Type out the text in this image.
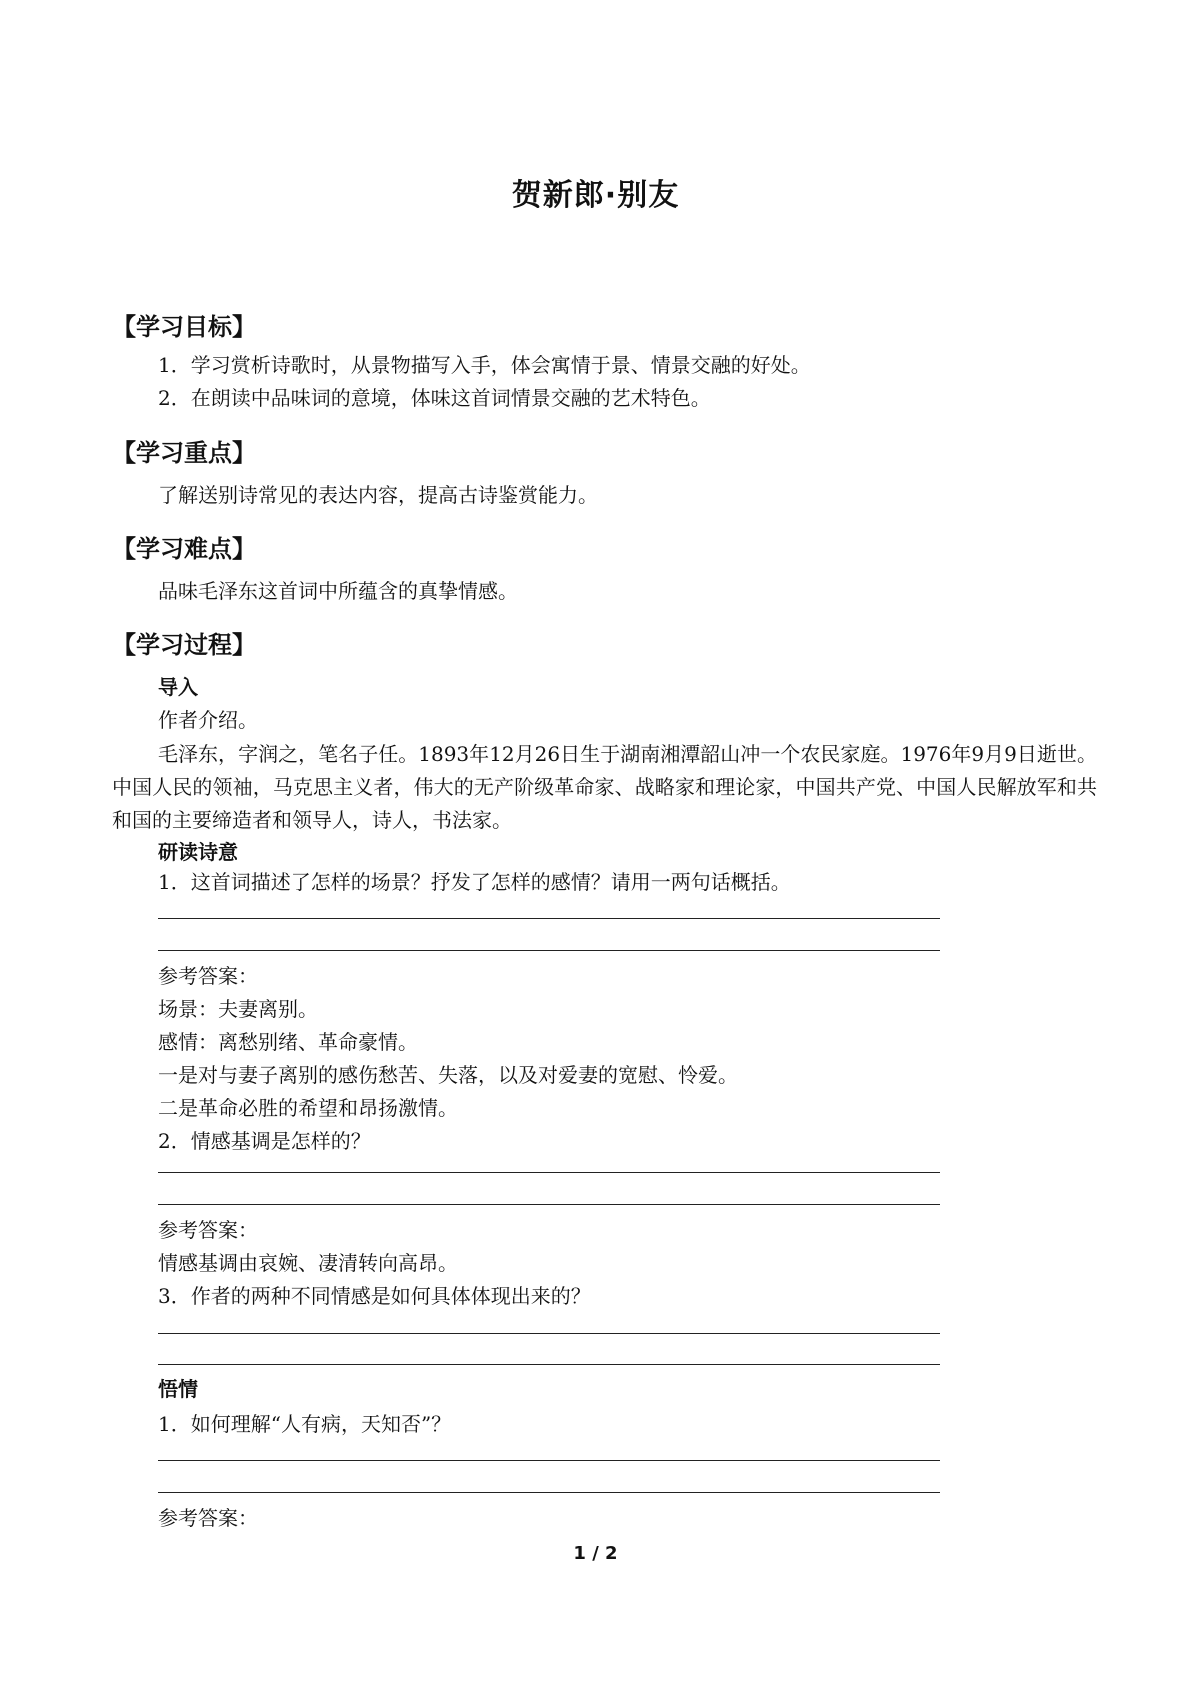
贺新郎·别友
【学习目标】

1．学习赏析诗歌时，从景物描写入手，体会寓情于景、情景交融的好处。

2．在朗读中品味词的意境，体味这首词情景交融的艺术特色。

【学习重点】

了解送别诗常见的表达内容，提高古诗鉴赏能力。

【学习难点】

品味毛泽东这首词中所蕴含的真挚情感。

【学习过程】

导入

作者介绍。

毛泽东，字润之，笔名子任。1893年12月26日生于湖南湘潭韶山冲一个农民家庭。1976年9月9日逝世。中国人民的领袖，马克思主义者，伟大的无产阶级革命家、战略家和理论家，中国共产党、中国人民解放军和共和国的主要缔造者和领导人，诗人，书法家。

研读诗意

1．这首词描述了怎样的场景？抒发了怎样的感情？请用一两句话概括。

参考答案：

场景：夫妻离别。

感情：离愁别绪、革命豪情。

一是对与妻子离别的感伤愁苦、失落，以及对爱妻的宽慰、怜爱。

二是革命必胜的希望和昂扬激情。

2．情感基调是怎样的？

参考答案：

情感基调由哀婉、凄清转向高昂。

3．作者的两种不同情感是如何具体体现出来的？

悟情

1．如何理解“人有病，天知否”？

参考答案：

1 / 2
